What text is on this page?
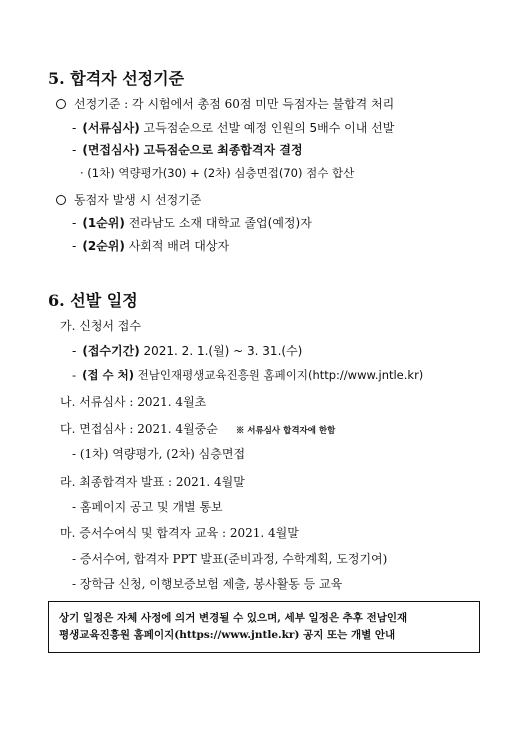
5. 합격자 선정기준
선정기준 : 각 시험에서 총점 60점 미만 득점자는 불합격 처리
- (서류심사) 고득점순으로 선발 예정 인원의 5배수 이내 선발
- (면접심사) 고득점순으로 최종합격자 결정
· (1차) 역량평가(30) + (2차) 심층면접(70) 점수 합산
동점자 발생 시 선정기준
- (1순위) 전라남도 소재 대학교 졸업(예정)자
- (2순위) 사회적 배려 대상자
6. 선발 일정
가. 신청서 접수
- (접수기간) 2021. 2. 1.(월) ~ 3. 31.(수)
- (접 수 처) 전남인재평생교육진흥원 홈페이지(http://www.jntle.kr)
나. 서류심사 : 2021. 4월초
다. 면접심사 : 2021. 4월중순 ※ 서류심사 합격자에 한함
- (1차) 역량평가, (2차) 심층면접
라. 최종합격자 발표 : 2021. 4월말
- 홈페이지 공고 및 개별 통보
마. 증서수여식 및 합격자 교육 : 2021. 4월말
- 증서수여, 합격자 PPT 발표(준비과정, 수학계획, 도정기여)
- 장학금 신청, 이행보증보험 제출, 봉사활동 등 교육
상기 일정은 자체 사정에 의거 변경될 수 있으며, 세부 일정은 추후 전남인재
평생교육진흥원 홈페이지(https://www.jntle.kr) 공지 또는 개별 안내
